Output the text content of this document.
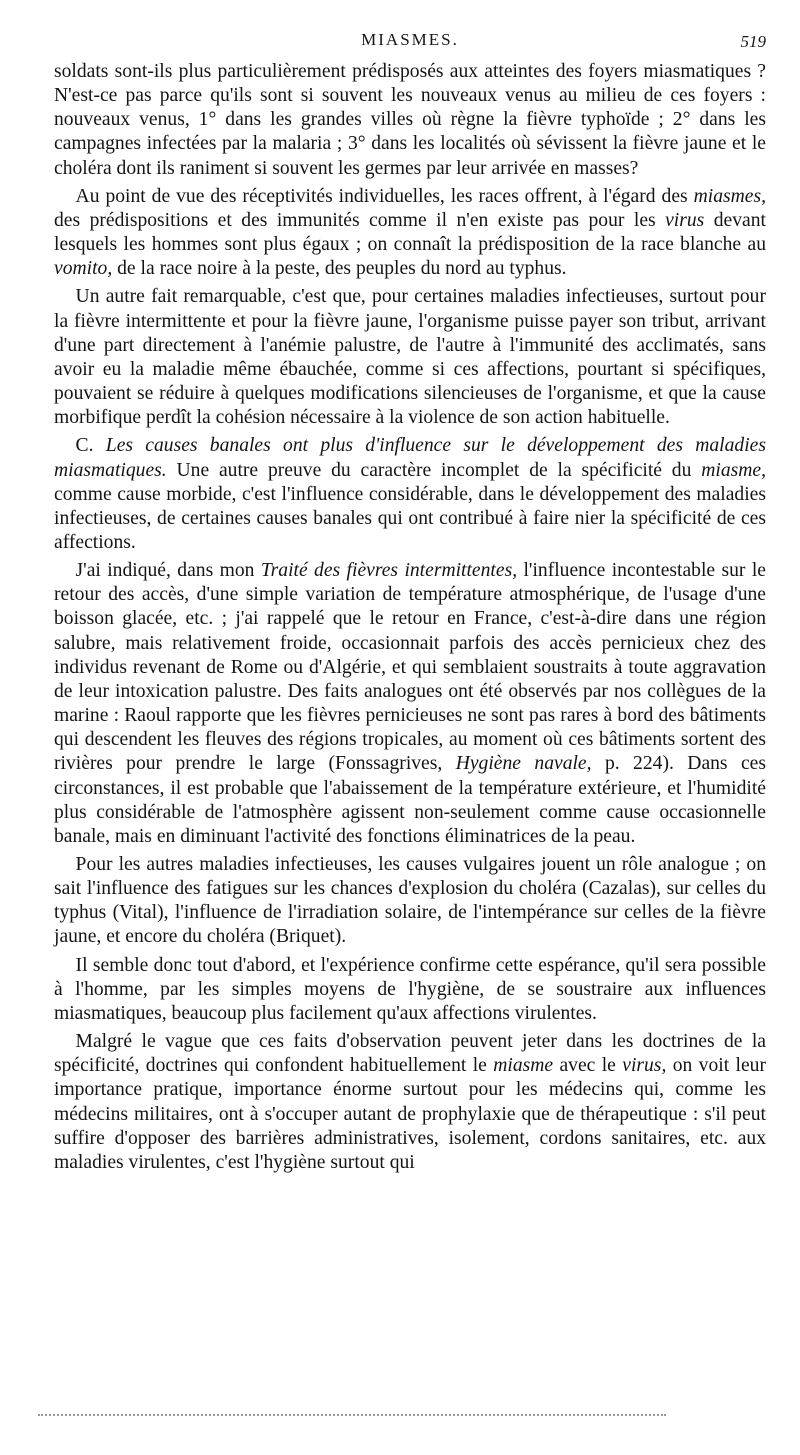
MIASMES.	519

soldats sont-ils plus particulièrement prédisposés aux atteintes des foyers miasmatiques ? N'est-ce pas parce qu'ils sont si souvent les nouveaux venus au milieu de ces foyers : nouveaux venus, 1° dans les grandes villes où règne la fièvre typhoïde ; 2° dans les campagnes infectées par la malaria ; 3° dans les localités où sévissent la fièvre jaune et le choléra dont ils raniment si souvent les germes par leur arrivée en masses?

Au point de vue des réceptivités individuelles, les races offrent, à l'égard des miasmes, des prédispositions et des immunités comme il n'en existe pas pour les virus devant lesquels les hommes sont plus égaux ; on connaît la prédisposition de la race blanche au vomito, de la race noire à la peste, des peuples du nord au typhus.

Un autre fait remarquable, c'est que, pour certaines maladies infectieuses, surtout pour la fièvre intermittente et pour la fièvre jaune, l'organisme puisse payer son tribut, arrivant d'une part directement à l'anémie palustre, de l'autre à l'immunité des acclimatés, sans avoir eu la maladie même ébauchée, comme si ces affections, pourtant si spécifiques, pouvaient se réduire à quelques modifications silencieuses de l'organisme, et que la cause morbifique perdît la cohésion nécessaire à la violence de son action habituelle.

C. Les causes banales ont plus d'influence sur le développement des maladies miasmatiques. Une autre preuve du caractère incomplet de la spécificité du miasme, comme cause morbide, c'est l'influence considérable, dans le développement des maladies infectieuses, de certaines causes banales qui ont contribué à faire nier la spécificité de ces affections.

J'ai indiqué, dans mon Traité des fièvres intermittentes, l'influence incontestable sur le retour des accès, d'une simple variation de température atmosphérique, de l'usage d'une boisson glacée, etc. ; j'ai rappelé que le retour en France, c'est-à-dire dans une région salubre, mais relativement froide, occasionnait parfois des accès pernicieux chez des individus revenant de Rome ou d'Algérie, et qui semblaient soustraits à toute aggravation de leur intoxication palustre. Des faits analogues ont été observés par nos collègues de la marine : Raoul rapporte que les fièvres pernicieuses ne sont pas rares à bord des bâtiments qui descendent les fleuves des régions tropicales, au moment où ces bâtiments sortent des rivières pour prendre le large (Fonssagrives, Hygiène navale, p. 224). Dans ces circonstances, il est probable que l'abaissement de la température extérieure, et l'humidité plus considérable de l'atmosphère agissent non-seulement comme cause occasionnelle banale, mais en diminuant l'activité des fonctions éliminatrices de la peau.

Pour les autres maladies infectieuses, les causes vulgaires jouent un rôle analogue ; on sait l'influence des fatigues sur les chances d'explosion du choléra (Cazalas), sur celles du typhus (Vital), l'influence de l'irradiation solaire, de l'intempérance sur celles de la fièvre jaune, et encore du choléra (Briquet).

Il semble donc tout d'abord, et l'expérience confirme cette espérance, qu'il sera possible à l'homme, par les simples moyens de l'hygiène, de se soustraire aux influences miasmatiques, beaucoup plus facilement qu'aux affections virulentes.

Malgré le vague que ces faits d'observation peuvent jeter dans les doctrines de la spécificité, doctrines qui confondent habituellement le miasme avec le virus, on voit leur importance pratique, importance énorme surtout pour les médecins qui, comme les médecins militaires, ont à s'occuper autant de prophylaxie que de thérapeutique : s'il peut suffire d'opposer des barrières administratives, isolement, cordons sanitaires, etc. aux maladies virulentes, c'est l'hygiène surtout qui
